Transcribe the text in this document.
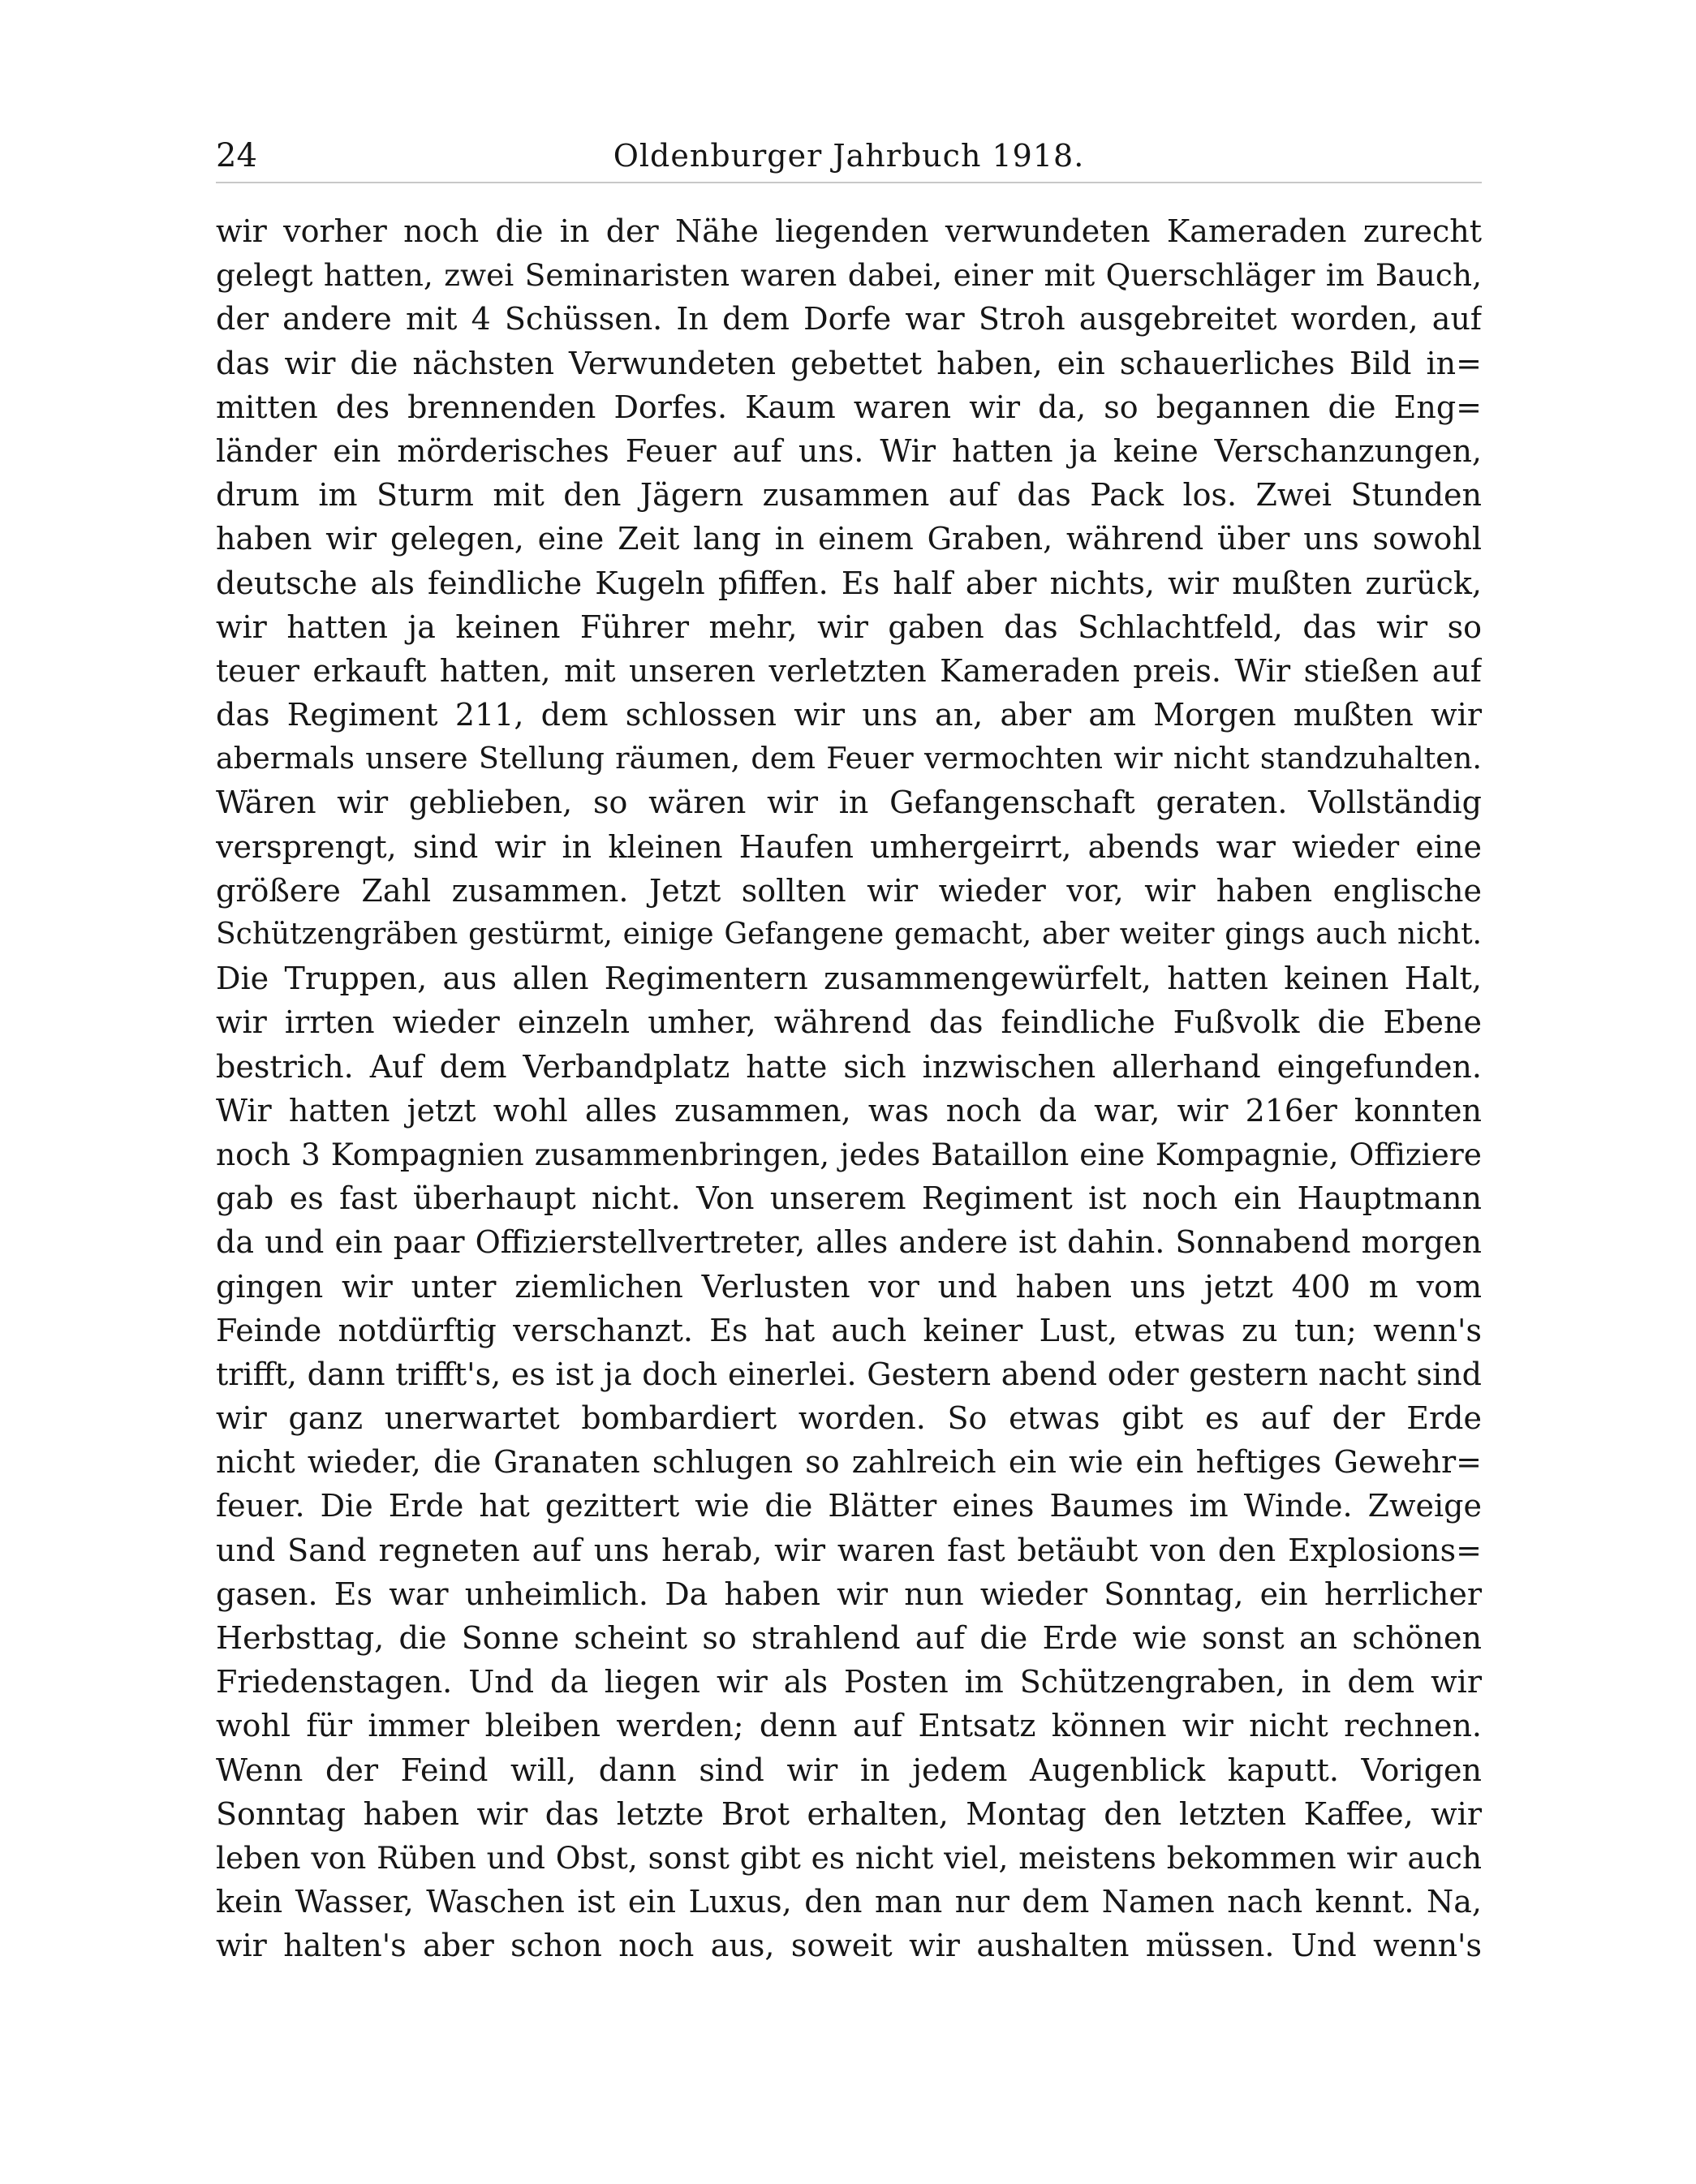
24	Oldenburger Jahrbuch 1918.
wir vorher noch die in der Nähe liegenden verwundeten Kameraden zurecht
gelegt hatten, zwei Seminaristen waren dabei, einer mit Querschläger im Bauch,
der andere mit 4 Schüssen. In dem Dorfe war Stroh ausgebreitet worden, auf
das wir die nächsten Verwundeten gebettet haben, ein schauerliches Bild in=
mitten des brennenden Dorfes. Kaum waren wir da, so begannen die Eng=
länder ein mörderisches Feuer auf uns. Wir hatten ja keine Verschanzungen,
drum im Sturm mit den Jägern zusammen auf das Pack los. Zwei Stunden
haben wir gelegen, eine Zeit lang in einem Graben, während über uns sowohl
deutsche als feindliche Kugeln pfiffen. Es half aber nichts, wir mußten zurück,
wir hatten ja keinen Führer mehr, wir gaben das Schlachtfeld, das wir so
teuer erkauft hatten, mit unseren verletzten Kameraden preis. Wir stießen auf
das Regiment 211, dem schlossen wir uns an, aber am Morgen mußten wir
abermals unsere Stellung räumen, dem Feuer vermochten wir nicht standzuhalten.
Wären wir geblieben, so wären wir in Gefangenschaft geraten. Vollständig
versprengt, sind wir in kleinen Haufen umhergeirrt, abends war wieder eine
größere Zahl zusammen. Jetzt sollten wir wieder vor, wir haben englische
Schützengräben gestürmt, einige Gefangene gemacht, aber weiter gings auch nicht.
Die Truppen, aus allen Regimentern zusammengewürfelt, hatten keinen Halt,
wir irrten wieder einzeln umher, während das feindliche Fußvolk die Ebene
bestrich. Auf dem Verbandplatz hatte sich inzwischen allerhand eingefunden.
Wir hatten jetzt wohl alles zusammen, was noch da war, wir 216er konnten
noch 3 Kompagnien zusammenbringen, jedes Bataillon eine Kompagnie, Offiziere
gab es fast überhaupt nicht. Von unserem Regiment ist noch ein Hauptmann
da und ein paar Offizierstellvertreter, alles andere ist dahin. Sonnabend morgen
gingen wir unter ziemlichen Verlusten vor und haben uns jetzt 400 m vom
Feinde notdürftig verschanzt. Es hat auch keiner Lust, etwas zu tun; wenn's
trifft, dann trifft's, es ist ja doch einerlei. Gestern abend oder gestern nacht sind
wir ganz unerwartet bombardiert worden. So etwas gibt es auf der Erde
nicht wieder, die Granaten schlugen so zahlreich ein wie ein heftiges Gewehr=
feuer. Die Erde hat gezittert wie die Blätter eines Baumes im Winde. Zweige
und Sand regneten auf uns herab, wir waren fast betäubt von den Explosions=
gasen. Es war unheimlich. Da haben wir nun wieder Sonntag, ein herrlicher
Herbsttag, die Sonne scheint so strahlend auf die Erde wie sonst an schönen
Friedenstagen. Und da liegen wir als Posten im Schützengraben, in dem wir
wohl für immer bleiben werden; denn auf Entsatz können wir nicht rechnen.
Wenn der Feind will, dann sind wir in jedem Augenblick kaputt. Vorigen
Sonntag haben wir das letzte Brot erhalten, Montag den letzten Kaffee, wir
leben von Rüben und Obst, sonst gibt es nicht viel, meistens bekommen wir auch
kein Wasser, Waschen ist ein Luxus, den man nur dem Namen nach kennt. Na,
wir halten's aber schon noch aus, soweit wir aushalten müssen. Und wenn's
